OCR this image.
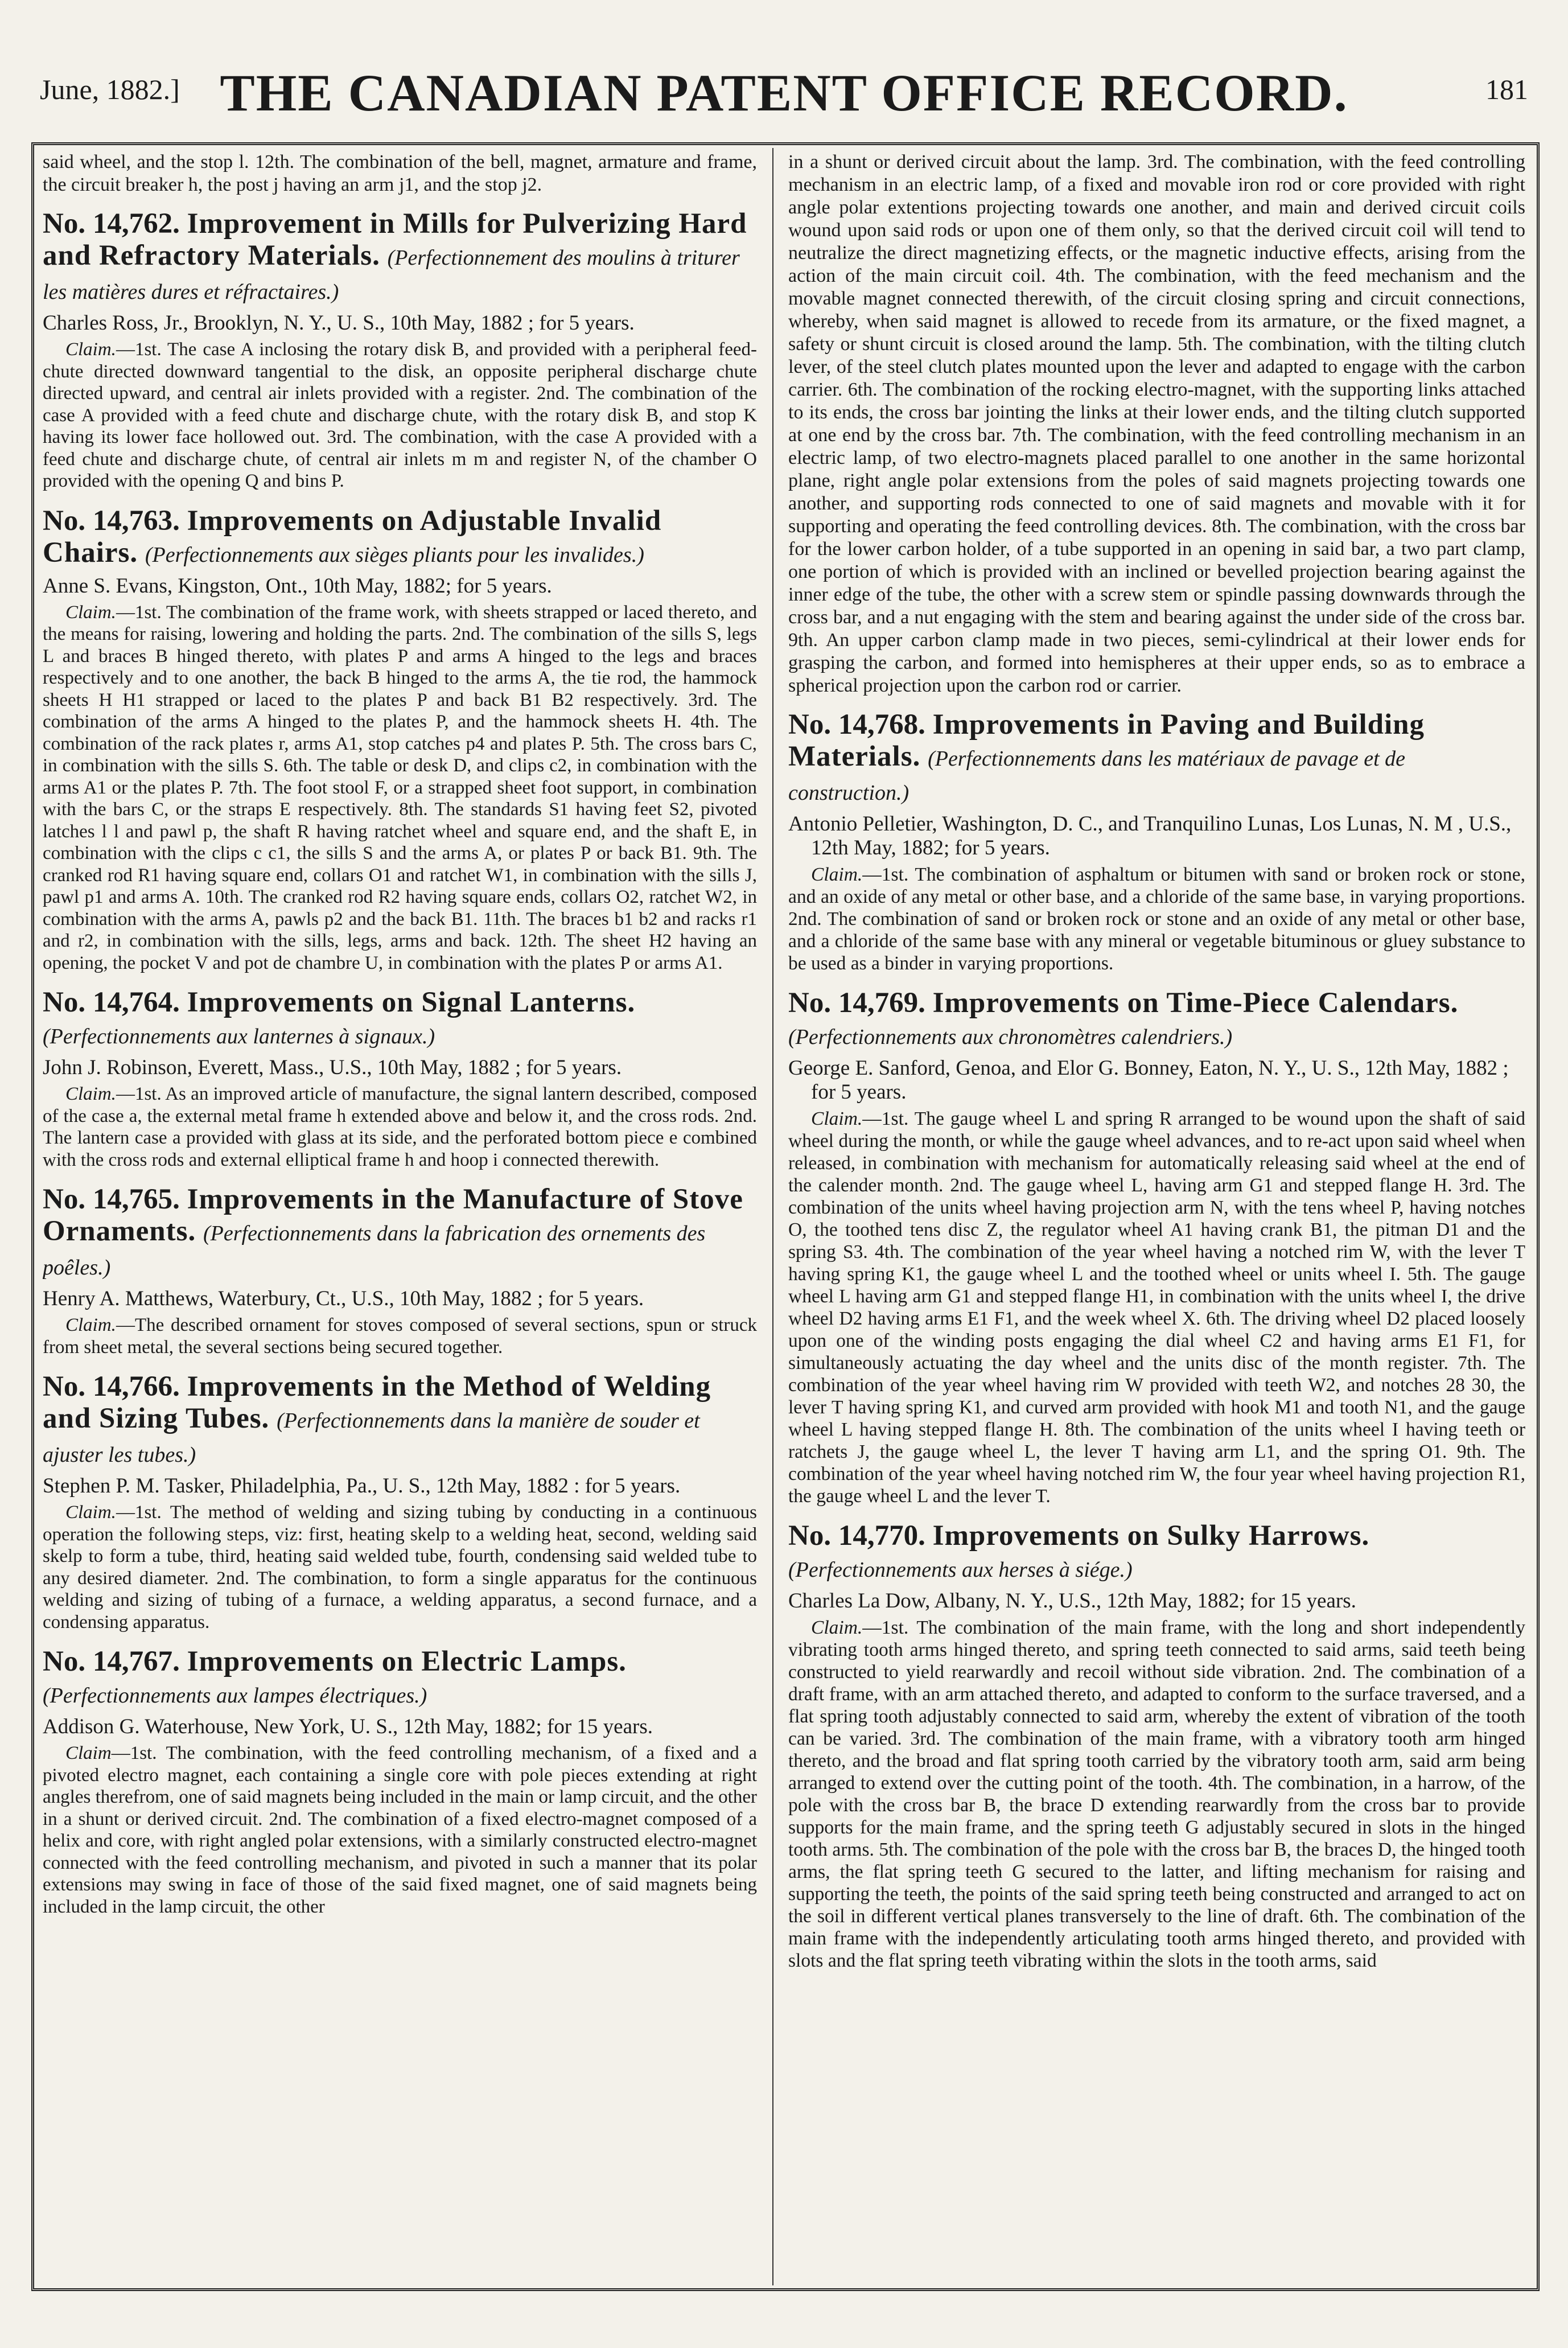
June, 1882.] THE CANADIAN PATENT OFFICE RECORD.	181

said wheel, and the stop l. 12th. The combination of the bell, magnet, armature and frame, the circuit breaker h, the post j having an arm j1, and the stop j2.

No. 14,762. Improvement in Mills for Pulverizing Hard and Refractory Materials. (Perfectionnement des moulins à triturer les matières dures et réfractaires.)
Charles Ross, Jr., Brooklyn, N. Y., U. S., 10th May, 1882 ; for 5 years.

Claim.—1st. The case A inclosing the rotary disk B, and provided with a peripheral feed-chute directed downward tangential to the disk, an opposite peripheral discharge chute directed upward, and central air inlets provided with a register. 2nd. The combination of the case A provided with a feed chute and discharge chute, with the rotary disk B, and stop K having its lower face hollowed out. 3rd. The combination, with the case A provided with a feed chute and discharge chute, of central air inlets m m and register N, of the chamber O provided with the opening Q and bins P.

No. 14,763. Improvements on Adjustable Invalid Chairs. (Perfectionnements aux sièges pliants pour les invalides.)
Anne S. Evans, Kingston, Ont., 10th May, 1882; for 5 years.

Claim.—1st. The combination of the frame work, with sheets strapped or laced thereto, and the means for raising, lowering and holding the parts. 2nd. The combination of the sills S, legs L and braces B hinged thereto, with plates P and arms A hinged to the legs and braces respectively and to one another, the back B hinged to the arms A, the tie rod, the hammock sheets H H1 strapped or laced to the plates P and back B1 B2 respectively. 3rd. The combination of the arms A hinged to the plates P, and the hammock sheets H. 4th. The combination of the rack plates r, arms A1, stop catches p4 and plates P. 5th. The cross bars C, in combination with the sills S. 6th. The table or desk D, and clips c2, in combination with the arms A1 or the plates P. 7th. The foot stool F, or a strapped sheet foot support, in combination with the bars C, or the straps E respectively. 8th. The standards S1 having feet S2, pivoted latches l l and pawl p, the shaft R having ratchet wheel and square end, and the shaft E, in combination with the clips c c1, the sills S and the arms A, or plates P or back B1. 9th. The cranked rod R1 having square end, collars O1 and ratchet W1, in combination with the sills J, pawl p1 and arms A. 10th. The cranked rod R2 having square ends, collars O2, ratchet W2, in combination with the arms A, pawls p2 and the back B1. 11th. The braces b1 b2 and racks r1 and r2, in combination with the sills, legs, arms and back. 12th. The sheet H2 having an opening, the pocket V and pot de chambre U, in combination with the plates P or arms A1.

No. 14,764. Improvements on Signal Lanterns. (Perfectionnements aux lanternes à signaux.)
John J. Robinson, Everett, Mass., U.S., 10th May, 1882 ; for 5 years.

Claim.—1st. As an improved article of manufacture, the signal lantern described, composed of the case a, the external metal frame h extended above and below it, and the cross rods. 2nd. The lantern case a provided with glass at its side, and the perforated bottom piece e combined with the cross rods and external elliptical frame h and hoop i connected therewith.

No. 14,765. Improvements in the Manufacture of Stove Ornaments. (Perfectionnements dans la fabrication des ornements des poêles.)
Henry A. Matthews, Waterbury, Ct., U.S., 10th May, 1882 ; for 5 years.

Claim.—The described ornament for stoves composed of several sections, spun or struck from sheet metal, the several sections being secured together.

No. 14,766. Improvements in the Method of Welding and Sizing Tubes. (Perfectionnements dans la manière de souder et ajuster les tubes.)
Stephen P. M. Tasker, Philadelphia, Pa., U. S., 12th May, 1882 : for 5 years.

Claim.—1st. The method of welding and sizing tubing by conducting in a continuous operation the following steps, viz: first, heating skelp to a welding heat, second, welding said skelp to form a tube, third, heating said welded tube, fourth, condensing said welded tube to any desired diameter. 2nd. The combination, to form a single apparatus for the continuous welding and sizing of tubing of a furnace, a welding apparatus, a second furnace, and a condensing apparatus.

No. 14,767. Improvements on Electric Lamps. (Perfectionnements aux lampes électriques.)
Addison G. Waterhouse, New York, U. S., 12th May, 1882; for 15 years.

Claim—1st. The combination, with the feed controlling mechanism, of a fixed and a pivoted electro magnet, each containing a single core with pole pieces extending at right angles therefrom, one of said magnets being included in the main or lamp circuit, and the other in a shunt or derived circuit. 2nd. The combination of a fixed electro-magnet composed of a helix and core, with right angled polar extensions, with a similarly constructed electro-magnet connected with the feed controlling mechanism, and pivoted in such a manner that its polar extensions may swing in face of those of the said fixed magnet, one of said magnets being included in the lamp circuit, the other

in a shunt or derived circuit about the lamp. 3rd. The combination, with the feed controlling mechanism in an electric lamp, of a fixed and movable iron rod or core provided with right angle polar extentions projecting towards one another, and main and derived circuit coils wound upon said rods or upon one of them only, so that the derived circuit coil will tend to neutralize the direct magnetizing effects, or the magnetic inductive effects, arising from the action of the main circuit coil. 4th. The combination, with the feed mechanism and the movable magnet connected therewith, of the circuit closing spring and circuit connections, whereby, when said magnet is allowed to recede from its armature, or the fixed magnet, a safety or shunt circuit is closed around the lamp. 5th. The combination, with the tilting clutch lever, of the steel clutch plates mounted upon the lever and adapted to engage with the carbon carrier. 6th. The combination of the rocking electro-magnet, with the supporting links attached to its ends, the cross bar jointing the links at their lower ends, and the tilting clutch supported at one end by the cross bar. 7th. The combination, with the feed controlling mechanism in an electric lamp, of two electro-magnets placed parallel to one another in the same horizontal plane, right angle polar extensions from the poles of said magnets projecting towards one another, and supporting rods connected to one of said magnets and movable with it for supporting and operating the feed controlling devices. 8th. The combination, with the cross bar for the lower carbon holder, of a tube supported in an opening in said bar, a two part clamp, one portion of which is provided with an inclined or bevelled projection bearing against the inner edge of the tube, the other with a screw stem or spindle passing downwards through the cross bar, and a nut engaging with the stem and bearing against the under side of the cross bar. 9th. An upper carbon clamp made in two pieces, semi-cylindrical at their lower ends for grasping the carbon, and formed into hemispheres at their upper ends, so as to embrace a spherical projection upon the carbon rod or carrier.

No. 14,768. Improvements in Paving and Building Materials. (Perfectionnements dans les matériaux de pavage et de construction.)
Antonio Pelletier, Washington, D. C., and Tranquilino Lunas, Los Lunas, N. M , U.S., 12th May, 1882; for 5 years.

Claim.—1st. The combination of asphaltum or bitumen with sand or broken rock or stone, and an oxide of any metal or other base, and a chloride of the same base, in varying proportions. 2nd. The combination of sand or broken rock or stone and an oxide of any metal or other base, and a chloride of the same base with any mineral or vegetable bituminous or gluey substance to be used as a binder in varying proportions.

No. 14,769. Improvements on Time-Piece Calendars. (Perfectionnements aux chronomètres calendriers.)
George E. Sanford, Genoa, and Elor G. Bonney, Eaton, N. Y., U. S., 12th May, 1882 ; for 5 years.

Claim.—1st. The gauge wheel L and spring R arranged to be wound upon the shaft of said wheel during the month, or while the gauge wheel advances, and to re-act upon said wheel when released, in combination with mechanism for automatically releasing said wheel at the end of the calender month. 2nd. The gauge wheel L, having arm G1 and stepped flange H. 3rd. The combination of the units wheel having projection arm N, with the tens wheel P, having notches O, the toothed tens disc Z, the regulator wheel A1 having crank B1, the pitman D1 and the spring S3. 4th. The combination of the year wheel having a notched rim W, with the lever T having spring K1, the gauge wheel L and the toothed wheel or units wheel I. 5th. The gauge wheel L having arm G1 and stepped flange H1, in combination with the units wheel I, the drive wheel D2 having arms E1 F1, and the week wheel X. 6th. The driving wheel D2 placed loosely upon one of the winding posts engaging the dial wheel C2 and having arms E1 F1, for simultaneously actuating the day wheel and the units disc of the month register. 7th. The combination of the year wheel having rim W provided with teeth W2, and notches 28 30, the lever T having spring K1, and curved arm provided with hook M1 and tooth N1, and the gauge wheel L having stepped flange H. 8th. The combination of the units wheel I having teeth or ratchets J, the gauge wheel L, the lever T having arm L1, and the spring O1. 9th. The combination of the year wheel having notched rim W, the four year wheel having projection R1, the gauge wheel L and the lever T.

No. 14,770. Improvements on Sulky Harrows. (Perfectionnements aux herses à siége.)
Charles La Dow, Albany, N. Y., U.S., 12th May, 1882; for 15 years.

Claim.—1st. The combination of the main frame, with the long and short independently vibrating tooth arms hinged thereto, and spring teeth connected to said arms, said teeth being constructed to yield rearwardly and recoil without side vibration. 2nd. The combination of a draft frame, with an arm attached thereto, and adapted to conform to the surface traversed, and a flat spring tooth adjustably connected to said arm, whereby the extent of vibration of the tooth can be varied. 3rd. The combination of the main frame, with a vibratory tooth arm hinged thereto, and the broad and flat spring tooth carried by the vibratory tooth arm, said arm being arranged to extend over the cutting point of the tooth. 4th. The combination, in a harrow, of the pole with the cross bar B, the brace D extending rearwardly from the cross bar to provide supports for the main frame, and the spring teeth G adjustably secured in slots in the hinged tooth arms. 5th. The combination of the pole with the cross bar B, the braces D, the hinged tooth arms, the flat spring teeth G secured to the latter, and lifting mechanism for raising and supporting the teeth, the points of the said spring teeth being constructed and arranged to act on the soil in different vertical planes transversely to the line of draft. 6th. The combination of the main frame with the independently articulating tooth arms hinged thereto, and provided with slots and the flat spring teeth vibrating within the slots in the tooth arms, said
